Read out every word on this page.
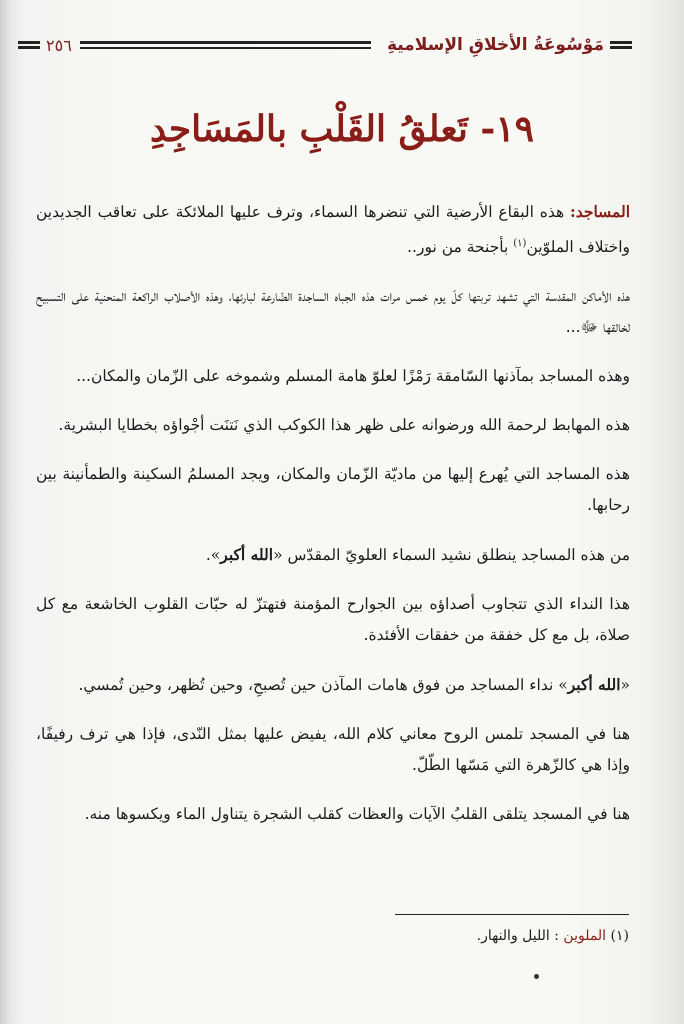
مَوْسُوعَةُ الأخلاقِ الإسلاميةِ
٢٥٦
١٩- تَعلقُ القَلْبِ بالمَسَاجِدِ

المساجد: هذه البقاع الأرضية التي تنضرها السماء، وترف عليها الملائكة على تعاقب الجديدين واختلاف الملوّين$^{(١)}$ بأجنحة من نور..

هذه الأماكن المقدسة التي تشهد تربتها كلّ يوم خمس مرات هذه الجباه الساجدة الضّارعة لبارئها، وهذه الأصلاب الراكعة المنحنية على التسبيح لخالقها ﷻ...

وهذه المساجد بمآذنها السّامقة رَمْزًا لعلوّ هامة المسلم وشموخه على الزّمان والمكان...

هذه المهابط لرحمة الله ورضوانه على ظهر هذا الكوكب الذي نَتنَت أجْواؤه بخطايا البشرية.

هذه المساجد التي يُهرع إليها من ماديّة الزّمان والمكان، ويجد المسلمُ السكينة والطمأنينة بين رحابها.

من هذه المساجد ينطلق نشيد السماء العلويّ المقدّس «الله أكبر».

هذا النداء الذي تتجاوب أصداؤه بين الجوارح المؤمنة فتهتزّ له حبّات القلوب الخاشعة مع كل صلاة، بل مع كل خفقة من خفقات الأفئدة.

«الله أكبر» نداء المساجد من فوق هامات المآذن حين تُصبحِ، وحين تُظهر، وحين تُمسي.

هنا في المسجد تلمس الروح معاني كلام الله، يفيض عليها بمثل النّدى، فإذا هي ترف رفيفًا، وإذا هي كالزّهرة التي مَسّها الطّلّ.

هنا في المسجد يتلقى القلبُ الآيات والعظات كقلب الشجرة يتناول الماء ويكسوها منه.

(١) الملوين : الليل والنهار.
